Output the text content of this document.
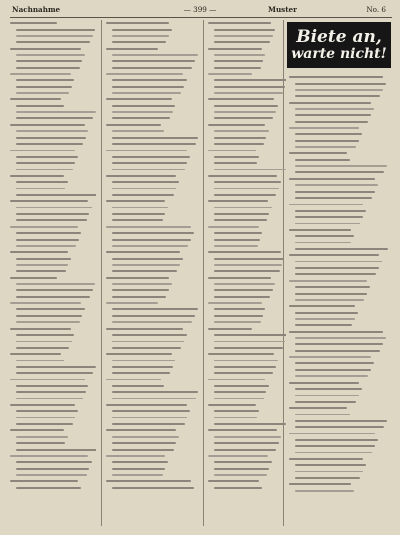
Nachnahme	— 399 —	Muster	No. 6
Biete an,
warte nicht!
